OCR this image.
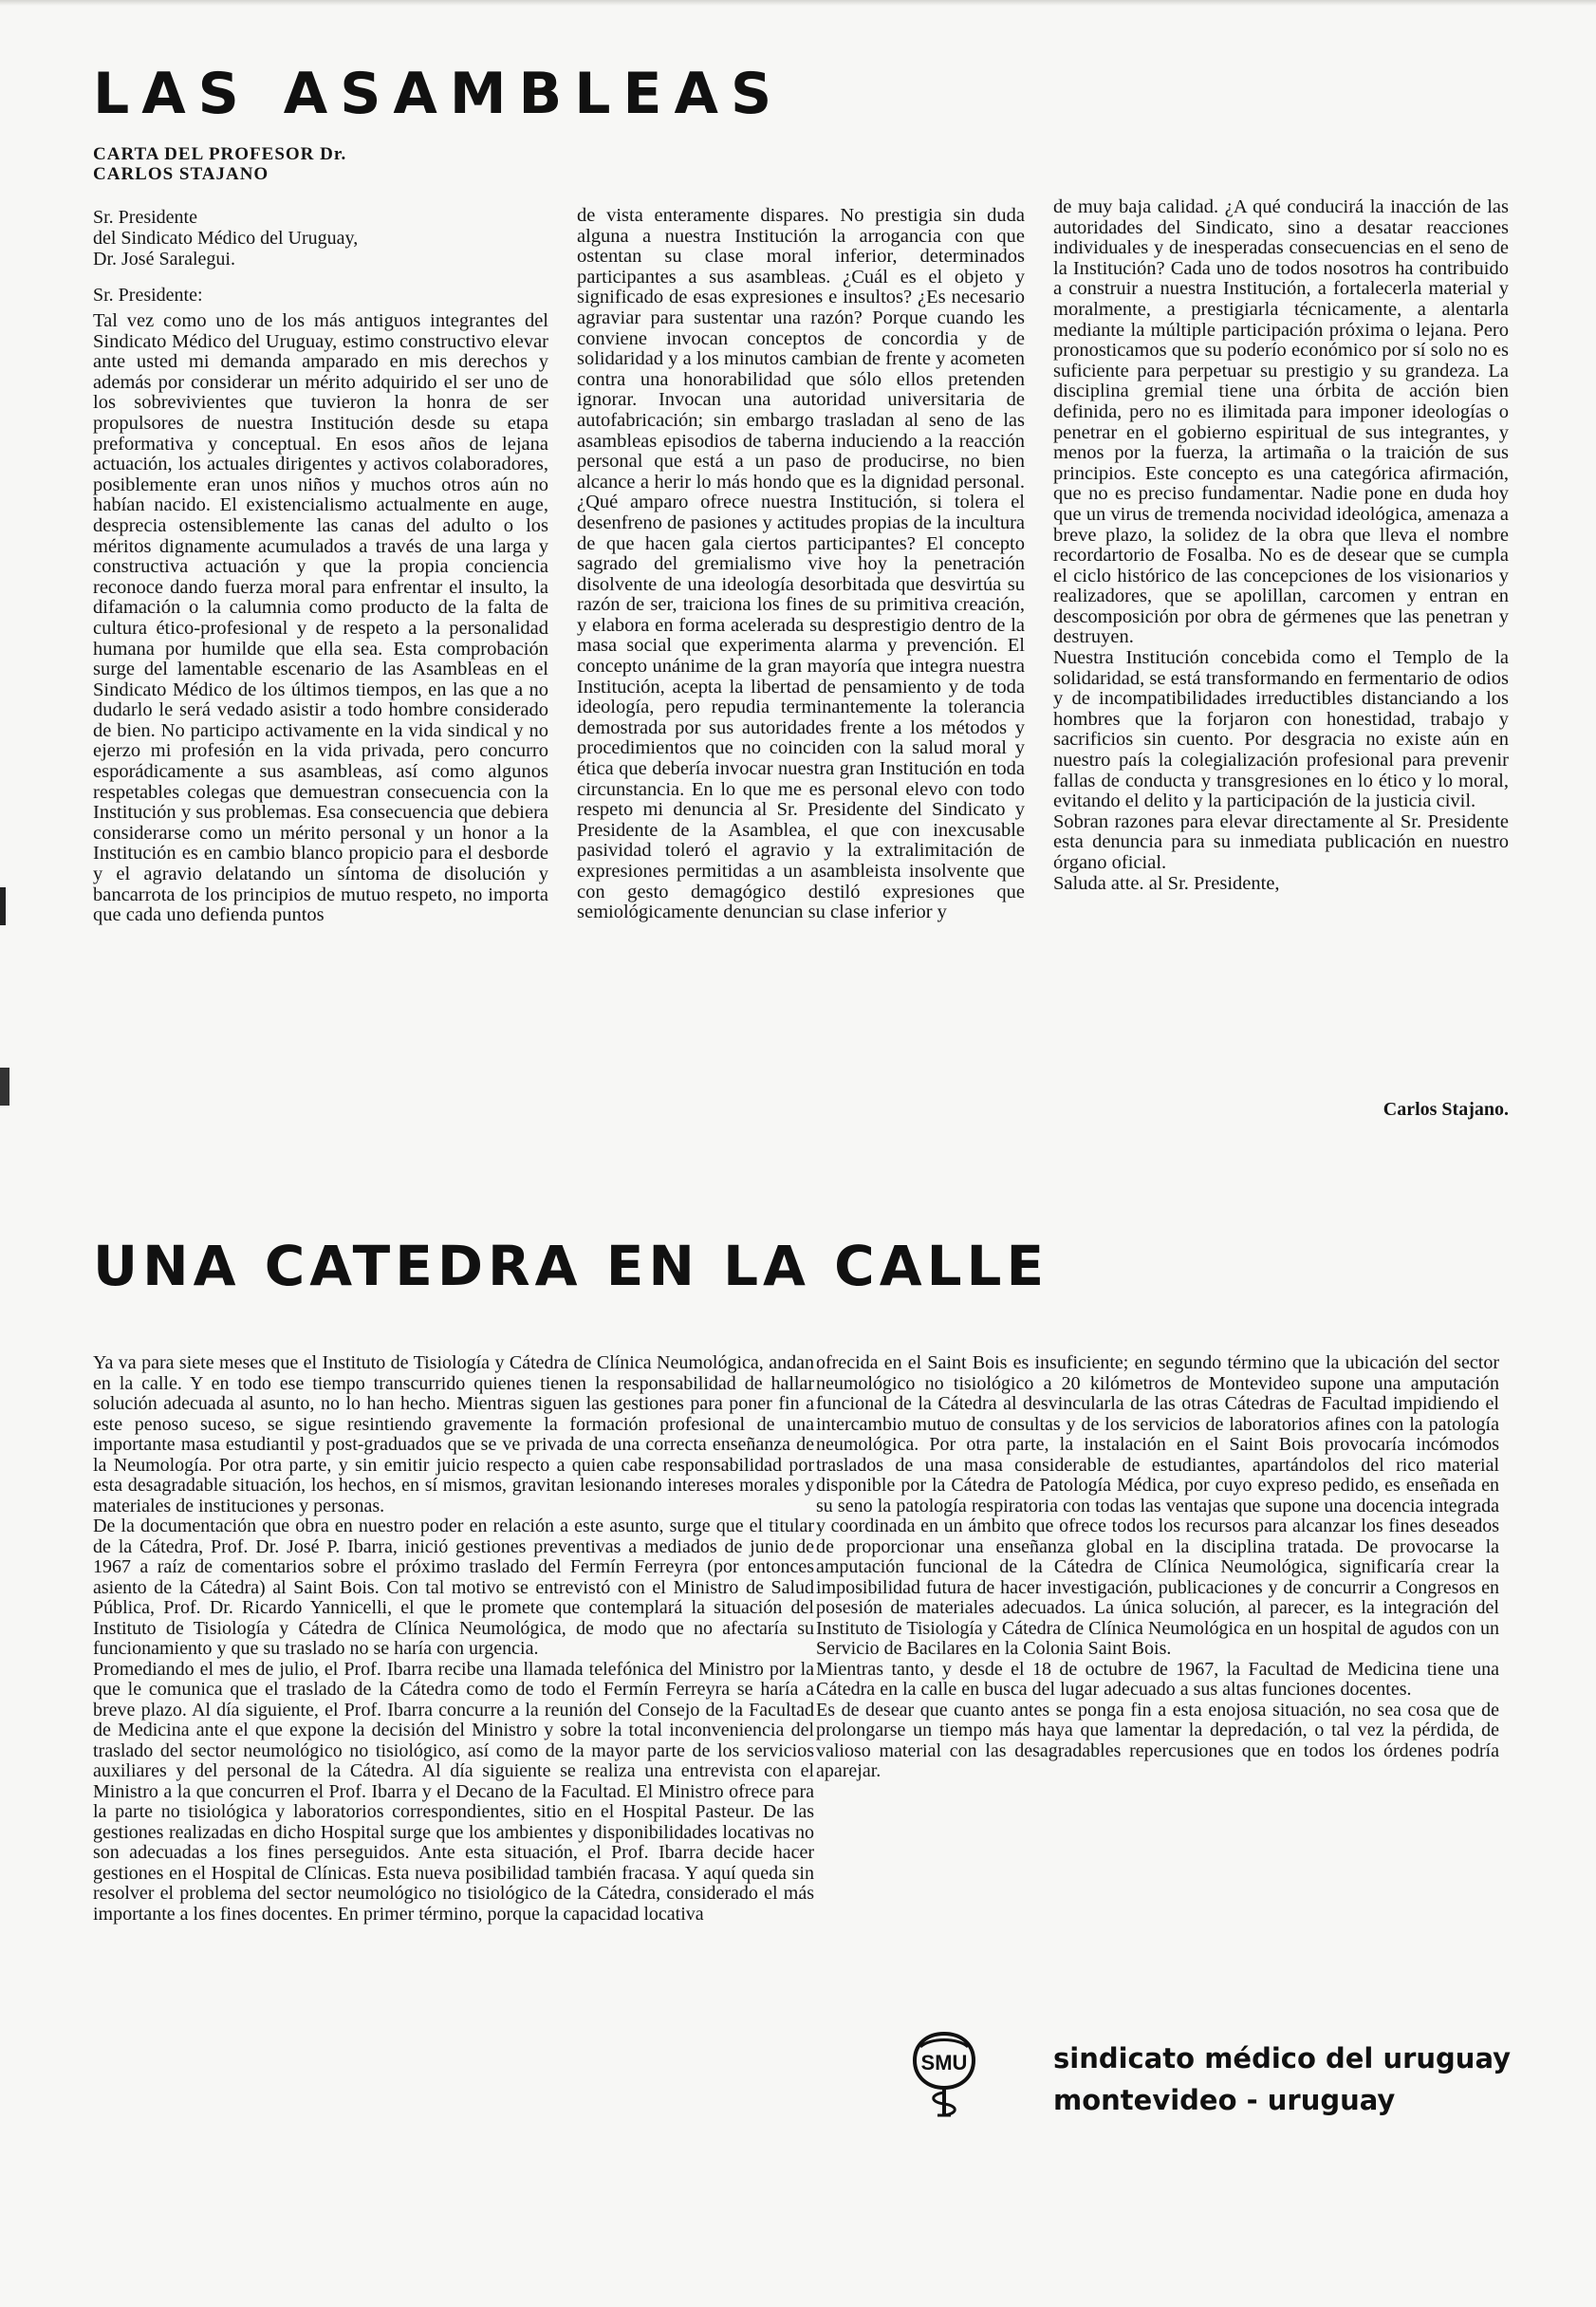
LAS ASAMBLEAS
CARTA DEL PROFESOR Dr.
CARLOS STAJANO
Sr. Presidente
del Sindicato Médico del Uruguay,
Dr. José Saralegui.
Sr. Presidente:

Tal vez como uno de los más antiguos integrantes del Sindicato Médico del Uruguay, estimo constructivo elevar ante usted mi demanda amparado en mis derechos y además por considerar un mérito adquirido el ser uno de los sobrevivientes que tuvieron la honra de ser propulsores de nuestra Institución desde su etapa preformativa y conceptual. En esos años de lejana actuación, los actuales dirigentes y activos colaboradores, posiblemente eran unos niños y muchos otros aún no habían nacido. El existencialismo actualmente en auge, desprecia ostensiblemente las canas del adulto o los méritos dignamente acumulados a través de una larga y constructiva actuación y que la propia conciencia reconoce dando fuerza moral para enfrentar el insulto, la difamación o la calumnia como producto de la falta de cultura ético-profesional y de respeto a la personalidad humana por humilde que ella sea. Esta comprobación surge del lamentable escenario de las Asambleas en el Sindicato Médico de los últimos tiempos, en las que a no dudarlo le será vedado asistir a todo hombre considerado de bien. No participo activamente en la vida sindical y no ejerzo mi profesión en la vida privada, pero concurro esporádicamente a sus asambleas, así como algunos respetables colegas que demuestran consecuencia con la Institución y sus problemas. Esa consecuencia que debiera considerarse como un mérito personal y un honor a la Institución es en cambio blanco propicio para el desborde y el agravio delatando un síntoma de disolución y bancarrota de los principios de mutuo respeto, no importa que cada uno defienda puntos

de vista enteramente dispares. No prestigia sin duda alguna a nuestra Institución la arrogancia con que ostentan su clase moral inferior, determinados participantes a sus asambleas. ¿Cuál es el objeto y significado de esas expresiones e insultos? ¿Es necesario agraviar para sustentar una razón? Porque cuando les conviene invocan conceptos de concordia y de solidaridad y a los minutos cambian de frente y acometen contra una honorabilidad que sólo ellos pretenden ignorar. Invocan una autoridad universitaria de autofabricación; sin embargo trasladan al seno de las asambleas episodios de taberna induciendo a la reacción personal que está a un paso de producirse, no bien alcance a herir lo más hondo que es la dignidad personal. ¿Qué amparo ofrece nuestra Institución, si tolera el desenfreno de pasiones y actitudes propias de la incultura de que hacen gala ciertos participantes? El concepto sagrado del gremialismo vive hoy la penetración disolvente de una ideología desorbitada que desvirtúa su razón de ser, traiciona los fines de su primitiva creación, y elabora en forma acelerada su desprestigio dentro de la masa social que experimenta alarma y prevención. El concepto unánime de la gran mayoría que integra nuestra Institución, acepta la libertad de pensamiento y de toda ideología, pero repudia terminantemente la tolerancia demostrada por sus autoridades frente a los métodos y procedimientos que no coinciden con la salud moral y ética que debería invocar nuestra gran Institución en toda circunstancia. En lo que me es personal elevo con todo respeto mi denuncia al Sr. Presidente del Sindicato y Presidente de la Asamblea, el que con inexcusable pasividad toleró el agravio y la extralimitación de expresiones permitidas a un asambleista insolvente que con gesto demagógico destiló expresiones que semiológicamente denuncian su clase inferior y

de muy baja calidad. ¿A qué conducirá la inacción de las autoridades del Sindicato, sino a desatar reacciones individuales y de inesperadas consecuencias en el seno de la Institución? Cada uno de todos nosotros ha contribuido a construir a nuestra Institución, a fortalecerla material y moralmente, a prestigiarla técnicamente, a alentarla mediante la múltiple participación próxima o lejana. Pero pronosticamos que su poderío económico por sí solo no es suficiente para perpetuar su prestigio y su grandeza. La disciplina gremial tiene una órbita de acción bien definida, pero no es ilimitada para imponer ideologías o penetrar en el gobierno espiritual de sus integrantes, y menos por la fuerza, la artimaña o la traición de sus principios. Este concepto es una categórica afirmación, que no es preciso fundamentar. Nadie pone en duda hoy que un virus de tremenda nocividad ideológica, amenaza a breve plazo, la solidez de la obra que lleva el nombre recordartorio de Fosalba. No es de desear que se cumpla el ciclo histórico de las concepciones de los visionarios y realizadores, que se apolillan, carcomen y entran en descomposición por obra de gérmenes que las penetran y destruyen.

Nuestra Institución concebida como el Templo de la solidaridad, se está transformando en fermentario de odios y de incompatibilidades irreductibles distanciando a los hombres que la forjaron con honestidad, trabajo y sacrificios sin cuento. Por desgracia no existe aún en nuestro país la colegialización profesional para prevenir fallas de conducta y transgresiones en lo ético y lo moral, evitando el delito y la participación de la justicia civil.

Sobran razones para elevar directamente al Sr. Presidente esta denuncia para su inmediata publicación en nuestro órgano oficial.

Saluda atte. al Sr. Presidente,

Carlos Stajano.
UNA CATEDRA EN LA CALLE

Ya va para siete meses que el Instituto de Tisiología y Cátedra de Clínica Neumológica, andan en la calle. Y en todo ese tiempo transcurrido quienes tienen la responsabilidad de hallar solución adecuada al asunto, no lo han hecho. Mientras siguen las gestiones para poner fin a este penoso suceso, se sigue resintiendo gravemente la formación profesional de una importante masa estudiantil y post-graduados que se ve privada de una correcta enseñanza de la Neumología. Por otra parte, y sin emitir juicio respecto a quien cabe responsabilidad por esta desagradable situación, los hechos, en sí mismos, gravitan lesionando intereses morales y materiales de instituciones y personas.

De la documentación que obra en nuestro poder en relación a este asunto, surge que el titular de la Cátedra, Prof. Dr. José P. Ibarra, inició gestiones preventivas a mediados de junio de 1967 a raíz de comentarios sobre el próximo traslado del Fermín Ferreyra (por entonces asiento de la Cátedra) al Saint Bois. Con tal motivo se entrevistó con el Ministro de Salud Pública, Prof. Dr. Ricardo Yannicelli, el que le promete que contemplará la situación del Instituto de Tisiología y Cátedra de Clínica Neumológica, de modo que no afectaría su funcionamiento y que su traslado no se haría con urgencia.

Promediando el mes de julio, el Prof. Ibarra recibe una llamada telefónica del Ministro por la que le comunica que el traslado de la Cátedra como de todo el Fermín Ferreyra se haría a breve plazo. Al día siguiente, el Prof. Ibarra concurre a la reunión del Consejo de la Facultad de Medicina ante el que expone la decisión del Ministro y sobre la total inconveniencia del traslado del sector neumológico no tisiológico, así como de la mayor parte de los servicios auxiliares y del personal de la Cátedra. Al día siguiente se realiza una entrevista con el Ministro a la que concurren el Prof. Ibarra y el Decano de la Facultad. El Ministro ofrece para la parte no tisiológica y laboratorios correspondientes, sitio en el Hospital Pasteur. De las gestiones realizadas en dicho Hospital surge que los ambientes y disponibilidades locativas no son adecuadas a los fines perseguidos. Ante esta situación, el Prof. Ibarra decide hacer gestiones en el Hospital de Clínicas. Esta nueva posibilidad también fracasa. Y aquí queda sin resolver el problema del sector neumológico no tisiológico de la Cátedra, considerado el más importante a los fines docentes. En primer término, porque la capacidad locativa

ofrecida en el Saint Bois es insuficiente; en segundo término que la ubicación del sector neumológico no tisiológico a 20 kilómetros de Montevideo supone una amputación funcional de la Cátedra al desvincularla de las otras Cátedras de Facultad impidiendo el intercambio mutuo de consultas y de los servicios de laboratorios afines con la patología neumológica. Por otra parte, la instalación en el Saint Bois provocaría incómodos traslados de una masa considerable de estudiantes, apartándolos del rico material disponible por la Cátedra de Patología Médica, por cuyo expreso pedido, es enseñada en su seno la patología respiratoria con todas las ventajas que supone una docencia integrada y coordinada en un ámbito que ofrece todos los recursos para alcanzar los fines deseados de proporcionar una enseñanza global en la disciplina tratada. De provocarse la amputación funcional de la Cátedra de Clínica Neumológica, significaría crear la imposibilidad futura de hacer investigación, publicaciones y de concurrir a Congresos en posesión de materiales adecuados. La única solución, al parecer, es la integración del Instituto de Tisiología y Cátedra de Clínica Neumológica en un hospital de agudos con un Servicio de Bacilares en la Colonia Saint Bois.

Mientras tanto, y desde el 18 de octubre de 1967, la Facultad de Medicina tiene una Cátedra en la calle en busca del lugar adecuado a sus altas funciones docentes.

Es de desear que cuanto antes se ponga fin a esta enojosa situación, no sea cosa que de prolongarse un tiempo más haya que lamentar la depredación, o tal vez la pérdida, de valioso material con las desagradables repercusiones que en todos los órdenes podría aparejar.

SMU	sindicato médico del uruguay
montevideo - uruguay
